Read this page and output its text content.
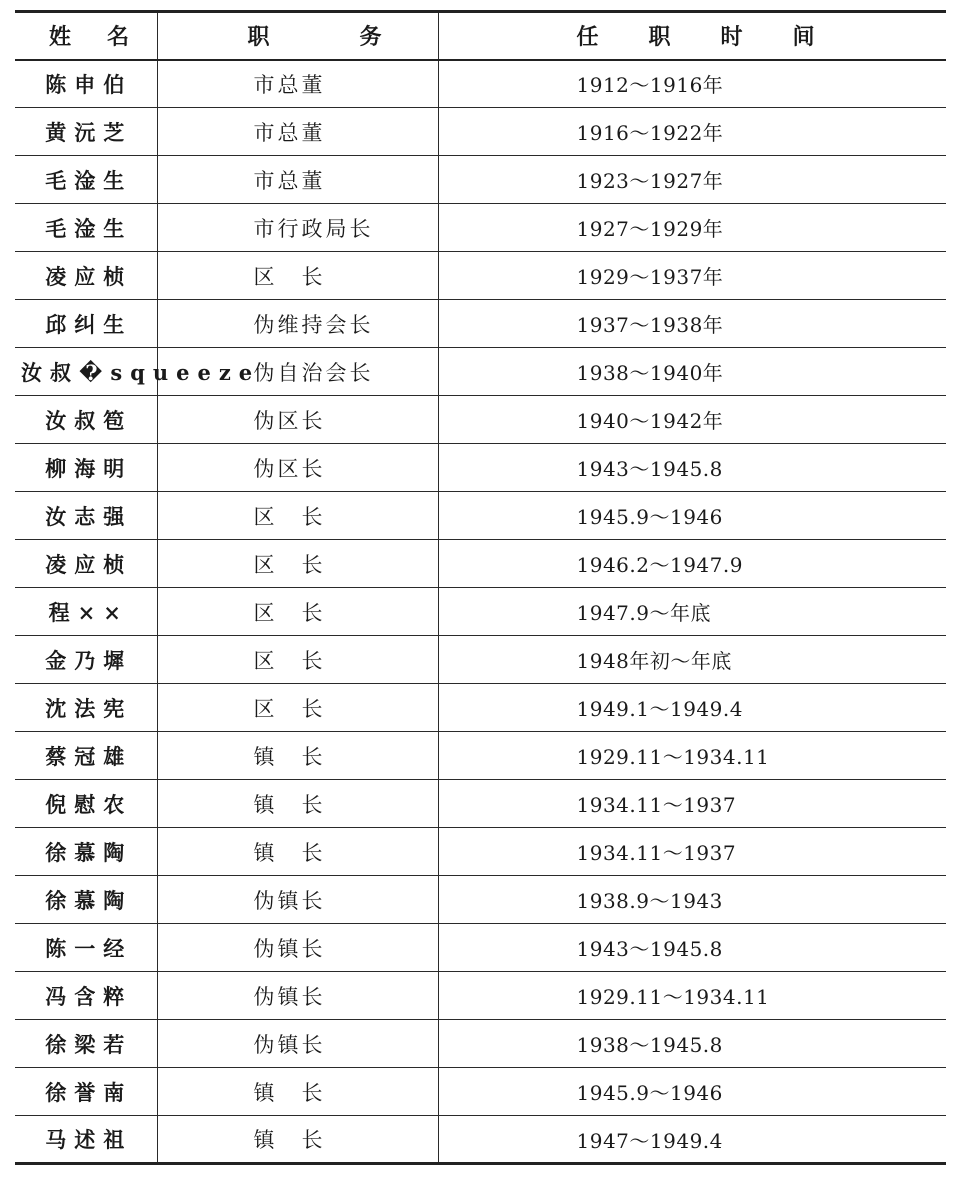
姓名	职务	任职时间
陈申伯	市总董	1912～1916年
黄沅芝	市总董	1916～1922年
毛淦生	市总董	1923～1927年
毛淦生	市行政局长	1927～1929年
凌应桢	区　长	1929～1937年
邱纠生	伪维持会长	1937～1938年
汝叔�squeeze	伪自治会长	1938～1940年
汝叔笣	伪区长	1940～1942年
柳海明	伪区长	1943～1945.8
汝志强	区　长	1945.9～1946
凌应桢	区　长	1946.2～1947.9
程××	区　长	1947.9～年底
金乃墀	区　长	1948年初～年底
沈法宪	区　长	1949.1～1949.4
蔡冠雄	镇　长	1929.11～1934.11
倪慰农	镇　长	1934.11～1937
徐慕陶	镇　长	1934.11～1937
徐慕陶	伪镇长	1938.9～1943
陈一经	伪镇长	1943～1945.8
冯含粹	伪镇长	1929.11～1934.11
徐梁若	伪镇长	1938～1945.8
徐誉南	镇　长	1945.9～1946
马述祖	镇　长	1947～1949.4
